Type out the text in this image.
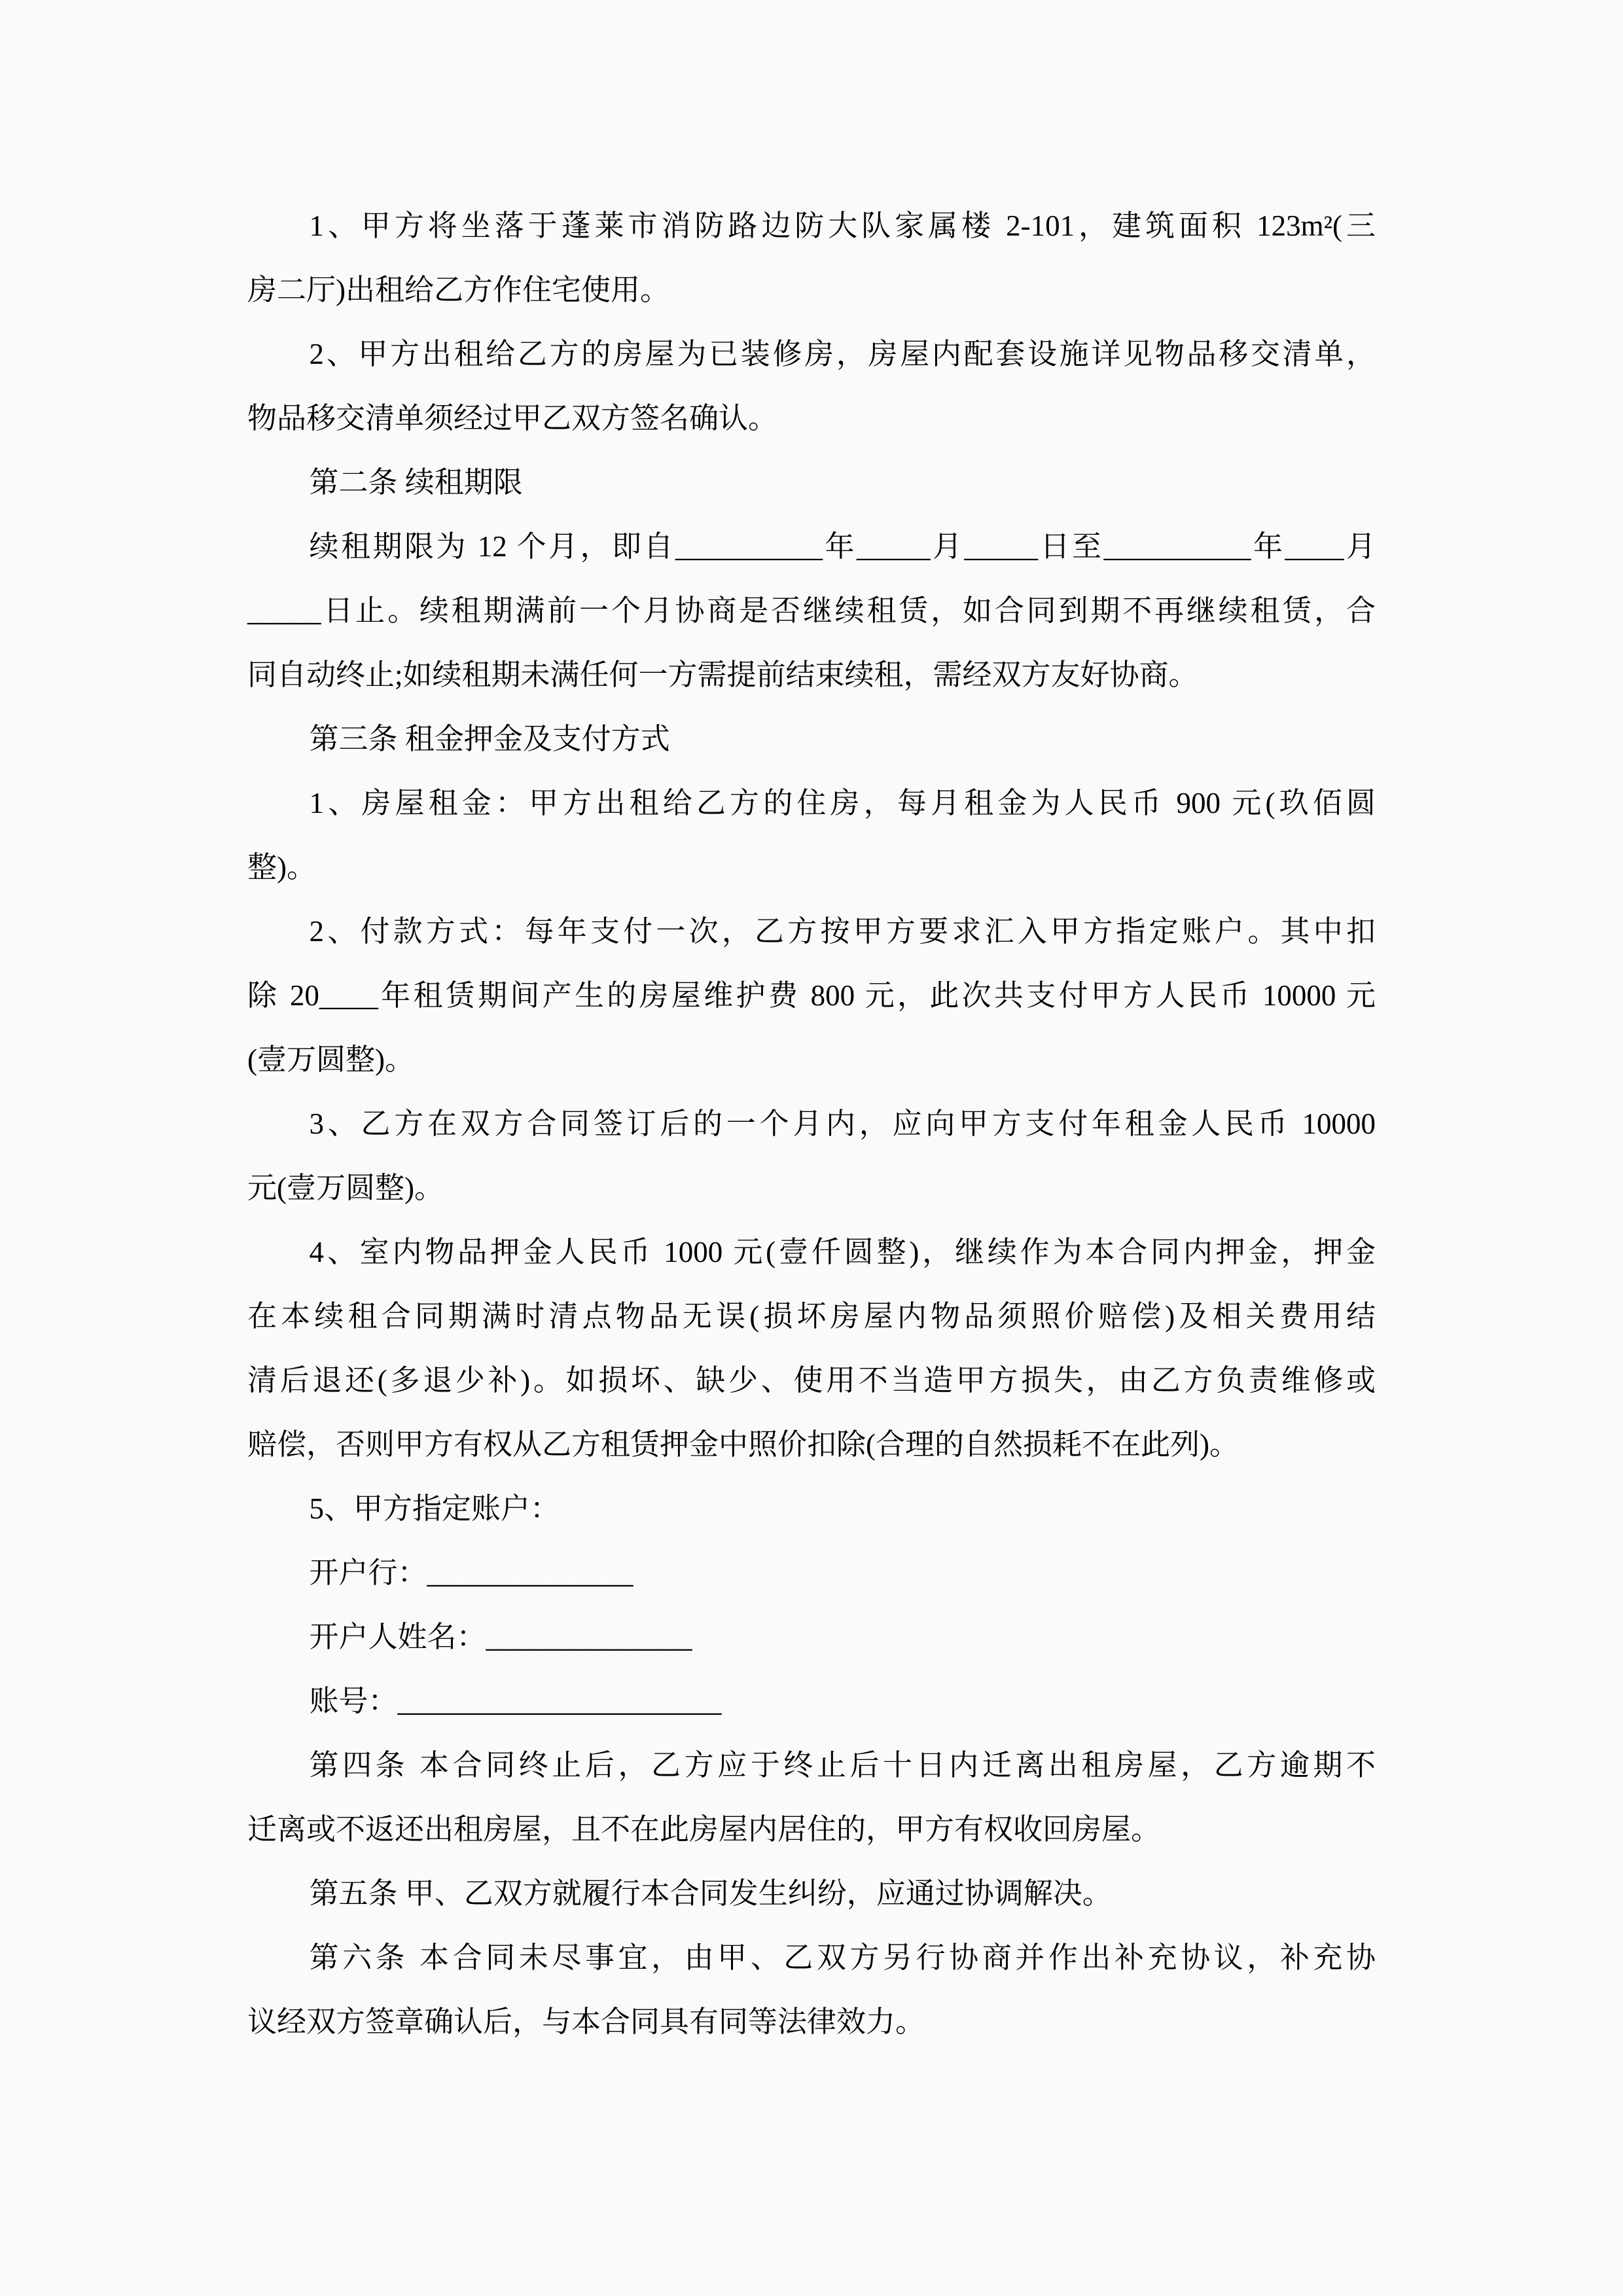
1、甲方将坐落于蓬莱市消防路边防大队家属楼 2-101，建筑面积 123m²(三
房二厅)出租给乙方作住宅使用。
2、甲方出租给乙方的房屋为已装修房，房屋内配套设施详见物品移交清单，
物品移交清单须经过甲乙双方签名确认。
第二条 续租期限
续租期限为 12 个月，即自__________年_____月_____日至__________年____月
_____日止。续租期满前一个月协商是否继续租赁，如合同到期不再继续租赁，合
同自动终止;如续租期未满任何一方需提前结束续租，需经双方友好协商。
第三条 租金押金及支付方式
1、房屋租金：甲方出租给乙方的住房，每月租金为人民币 900 元(玖佰圆
整)。
2、付款方式：每年支付一次，乙方按甲方要求汇入甲方指定账户。其中扣
除 20____年租赁期间产生的房屋维护费 800 元，此次共支付甲方人民币 10000 元
(壹万圆整)。
3、乙方在双方合同签订后的一个月内，应向甲方支付年租金人民币 10000
元(壹万圆整)。
4、室内物品押金人民币 1000 元(壹仟圆整)，继续作为本合同内押金，押金
在本续租合同期满时清点物品无误(损坏房屋内物品须照价赔偿)及相关费用结
清后退还(多退少补)。如损坏、缺少、使用不当造甲方损失，由乙方负责维修或
赔偿，否则甲方有权从乙方租赁押金中照价扣除(合理的自然损耗不在此列)。
5、甲方指定账户：
开户行：______________
开户人姓名：______________
账号：______________________
第四条 本合同终止后，乙方应于终止后十日内迁离出租房屋，乙方逾期不
迁离或不返还出租房屋，且不在此房屋内居住的，甲方有权收回房屋。
第五条 甲、乙双方就履行本合同发生纠纷，应通过协调解决。
第六条 本合同未尽事宜，由甲、乙双方另行协商并作出补充协议，补充协
议经双方签章确认后，与本合同具有同等法律效力。
